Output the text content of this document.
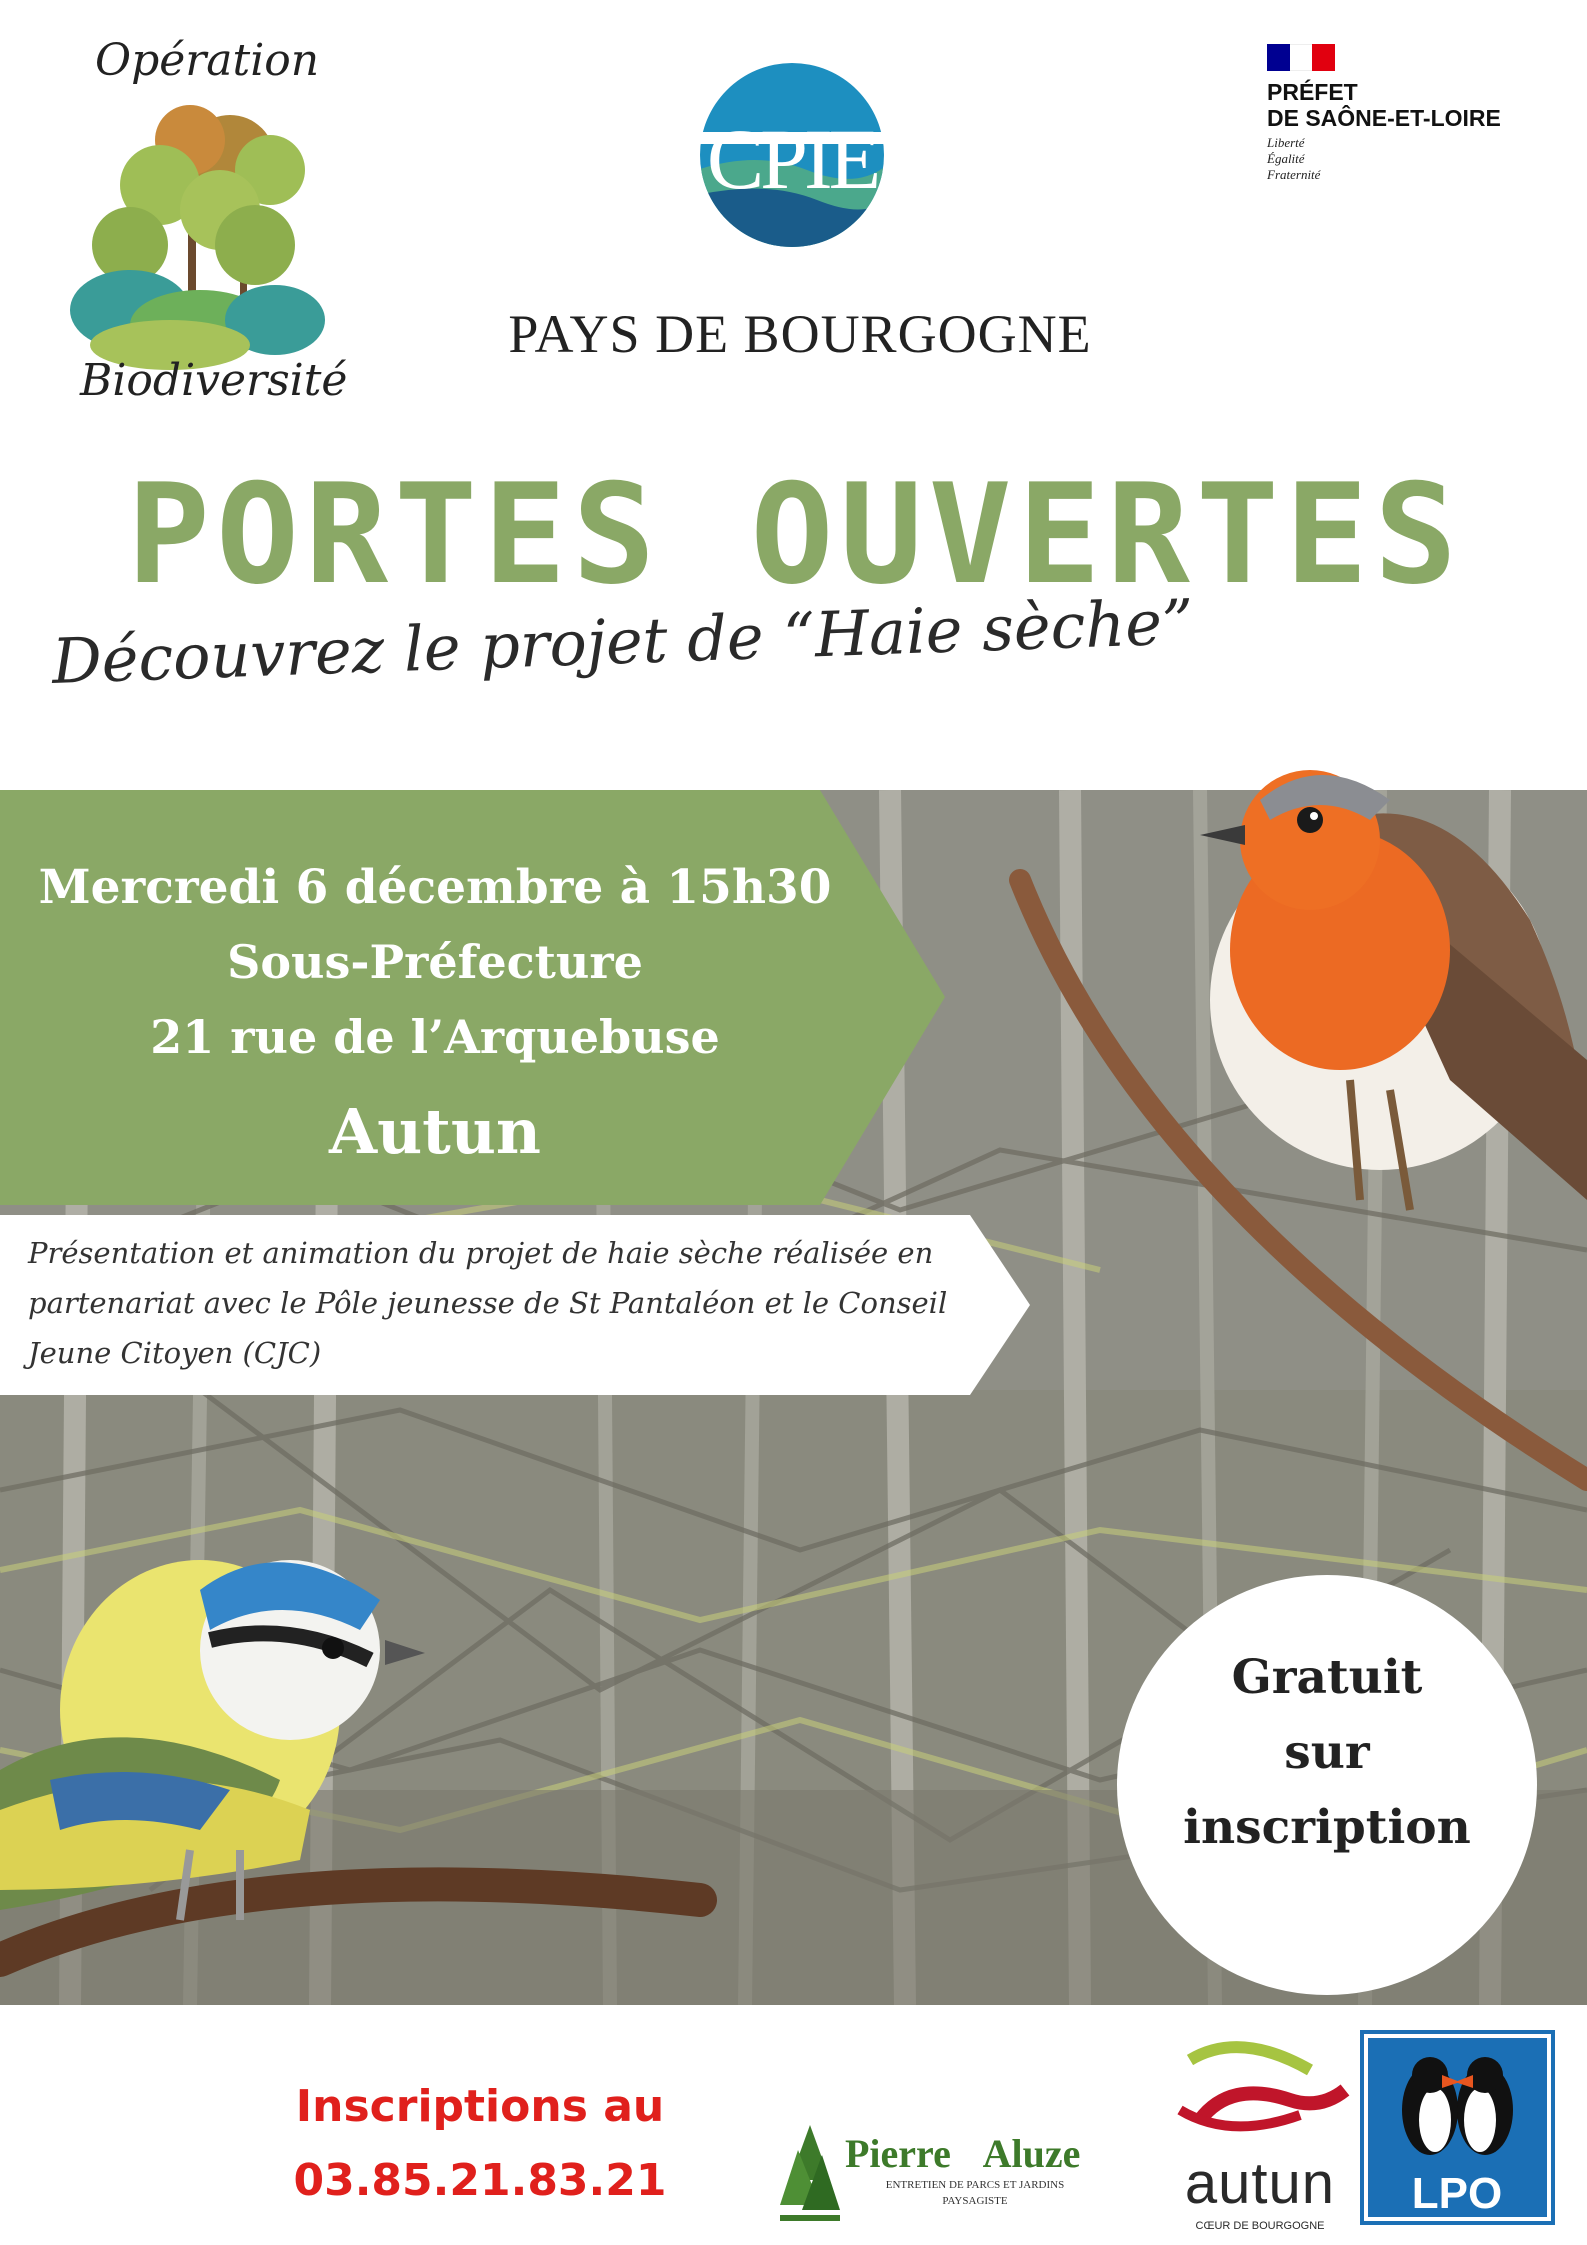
Opération
Biodiversité
CPIE
PAYS DE BOURGOGNE
PRÉFET
DE SAÔNE-ET-LOIRE
Liberté
Égalité
Fraternité
PORTES OUVERTES
Découvrez le projet de “Haie sèche”
Mercredi 6 décembre à 15h30
Sous-Préfecture
21 rue de l’Arquebuse
Autun
Présentation et animation du projet de haie sèche réalisée en partenariat avec le Pôle jeunesse de St Pantaléon et le Conseil Jeune Citoyen (CJC)
Gratuit
sur
inscription
Inscriptions au
03.85.21.83.21
Pierre Aluze
ENTRETIEN DE PARCS ET JARDINS
PAYSAGISTE	autun
CŒUR DE BOURGOGNE
LPO
